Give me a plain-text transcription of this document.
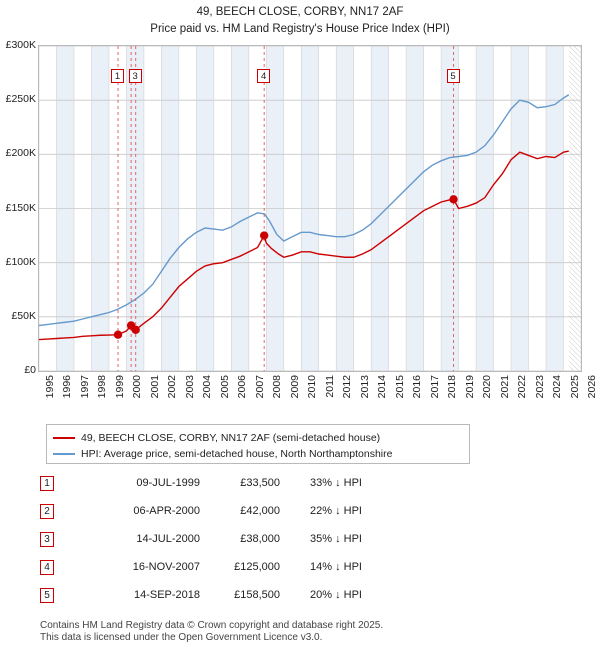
49, BEECH CLOSE, CORBY, NN17 2AF
Price paid vs. HM Land Registry's House Price Index (HPI)
£0
£50K
£100K
£150K
£200K
£250K
£300K
1	3	4	5
1995 1996 1997 1998 1999 2000 2001 2002 2003 2004 2005 2006 2007 2008 2009 2010 2011 2012 2013 2014 2015 2016 2017 2018 2019 2020 2021 2022 2023 2024 2025 2026
49, BEECH CLOSE, CORBY, NN17 2AF (semi-detached house)
HPI: Average price, semi-detached house, North Northamptonshire
1	09-JUL-1999	£33,500	33% ↓ HPI
2	06-APR-2000	£42,000	22% ↓ HPI
3	14-JUL-2000	£38,000	35% ↓ HPI
4	16-NOV-2007	£125,000	14% ↓ HPI
5	14-SEP-2018	£158,500	20% ↓ HPI
Contains HM Land Registry data © Crown copyright and database right 2025.
This data is licensed under the Open Government Licence v3.0.
